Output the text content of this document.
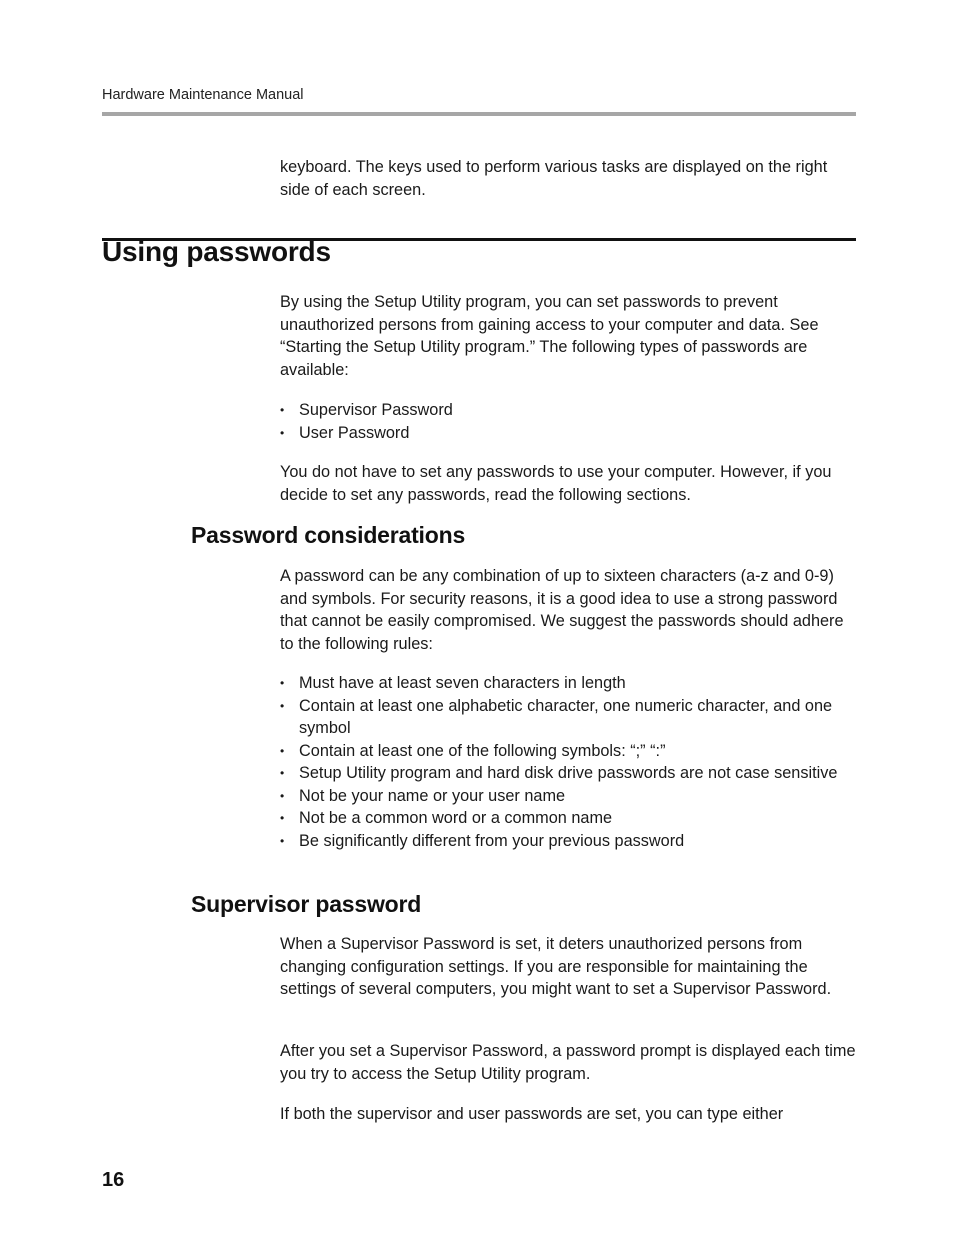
Hardware Maintenance Manual

keyboard. The keys used to perform various tasks are displayed on the right side of each screen.

Using passwords

By using the Setup Utility program, you can set passwords to prevent unauthorized persons from gaining access to your computer and data. See “Starting the Setup Utility program.” The following types of passwords are available:

• Supervisor Password
• User Password

You do not have to set any passwords to use your computer. However, if you decide to set any passwords, read the following sections.

Password considerations

A password can be any combination of up to sixteen characters (a-z and 0-9) and symbols. For security reasons, it is a good idea to use a strong password that cannot be easily compromised. We suggest the passwords should adhere to the following rules:

• Must have at least seven characters in length
• Contain at least one alphabetic character, one numeric character, and one symbol
• Contain at least one of the following symbols: “;” “:”
• Setup Utility program and hard disk drive passwords are not case sensitive
• Not be your name or your user name
• Not be a common word or a common name
• Be significantly different from your previous password
Supervisor password

When a Supervisor Password is set, it deters unauthorized persons from changing configuration settings. If you are responsible for maintaining the settings of several computers, you might want to set a Supervisor Password.

After you set a Supervisor Password, a password prompt is displayed each time you try to access the Setup Utility program.

If both the supervisor and user passwords are set, you can type either

16
